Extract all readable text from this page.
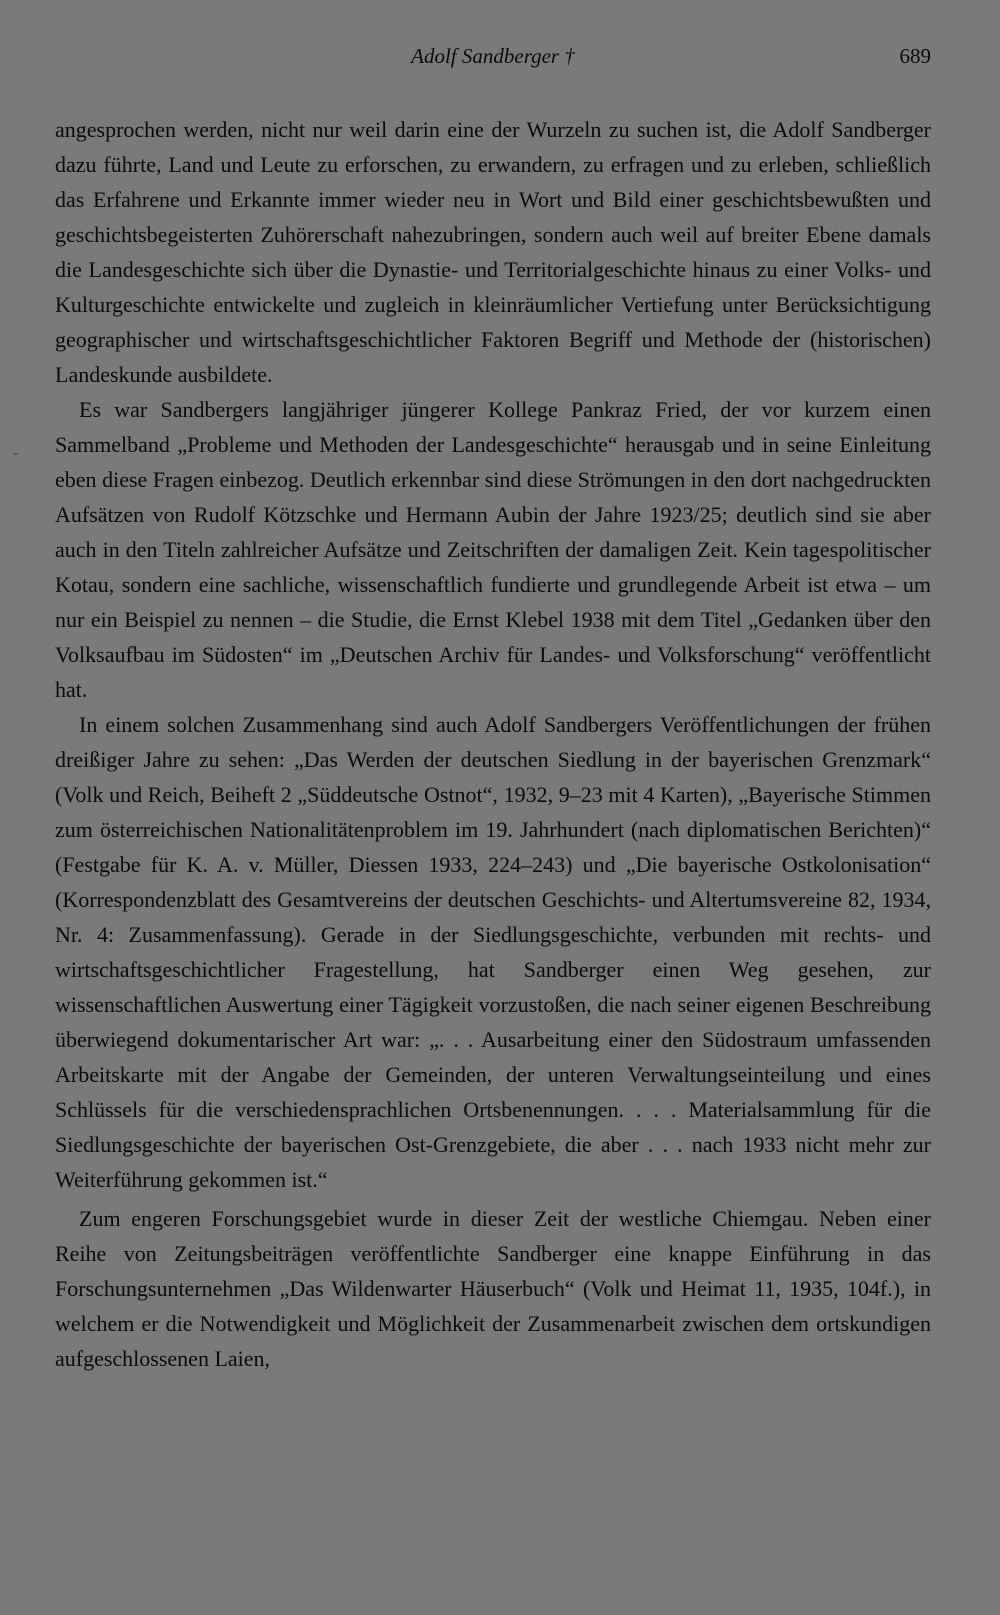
Adolf Sandberger †	689

angesprochen werden, nicht nur weil darin eine der Wurzeln zu suchen ist, die Adolf Sandberger dazu führte, Land und Leute zu erforschen, zu erwandern, zu erfragen und zu erleben, schließlich das Erfahrene und Erkannte immer wieder neu in Wort und Bild einer geschichtsbewußten und geschichtsbegeisterten Zuhörerschaft nahezubringen, sondern auch weil auf breiter Ebene damals die Landesgeschichte sich über die Dynastie- und Territorialgeschichte hinaus zu einer Volks- und Kulturgeschichte entwickelte und zugleich in kleinräumlicher Vertiefung unter Berücksichtigung geographischer und wirtschaftsgeschichtlicher Faktoren Begriff und Methode der (historischen) Landeskunde ausbildete.

Es war Sandbergers langjähriger jüngerer Kollege Pankraz Fried, der vor kurzem einen Sammelband „Probleme und Methoden der Landesgeschichte“ herausgab und in seine Einleitung eben diese Fragen einbezog. Deutlich erkennbar sind diese Strömungen in den dort nachgedruckten Aufsätzen von Rudolf Kötzschke und Hermann Aubin der Jahre 1923/25; deutlich sind sie aber auch in den Titeln zahlreicher Aufsätze und Zeitschriften der damaligen Zeit. Kein tagespolitischer Kotau, sondern eine sachliche, wissenschaftlich fundierte und grundlegende Arbeit ist etwa – um nur ein Beispiel zu nennen – die Studie, die Ernst Klebel 1938 mit dem Titel „Gedanken über den Volksaufbau im Südosten“ im „Deutschen Archiv für Landes- und Volksforschung“ veröffentlicht hat.

In einem solchen Zusammenhang sind auch Adolf Sandbergers Veröffentlichungen der frühen dreißiger Jahre zu sehen: „Das Werden der deutschen Siedlung in der bayerischen Grenzmark“ (Volk und Reich, Beiheft 2 „Süddeutsche Ostnot“, 1932, 9–23 mit 4 Karten), „Bayerische Stimmen zum österreichischen Nationalitätenproblem im 19. Jahrhundert (nach diplomatischen Berichten)“ (Festgabe für K. A. v. Müller, Diessen 1933, 224–243) und „Die bayerische Ostkolonisation“ (Korrespondenzblatt des Gesamtvereins der deutschen Geschichts- und Altertumsvereine 82, 1934, Nr. 4: Zusammenfassung). Gerade in der Siedlungsgeschichte, verbunden mit rechts- und wirtschaftsgeschichtlicher Fragestellung, hat Sandberger einen Weg gesehen, zur wissenschaftlichen Auswertung einer Tägigkeit vorzustoßen, die nach seiner eigenen Beschreibung überwiegend dokumentarischer Art war: „. . . Ausarbeitung einer den Südostraum umfassenden Arbeitskarte mit der Angabe der Gemeinden, der unteren Verwaltungseinteilung und eines Schlüssels für die verschiedensprachlichen Ortsbenennungen. . . . Materialsammlung für die Siedlungsgeschichte der bayerischen Ost-Grenzgebiete, die aber . . . nach 1933 nicht mehr zur Weiterführung gekommen ist.“

Zum engeren Forschungsgebiet wurde in dieser Zeit der westliche Chiemgau. Neben einer Reihe von Zeitungsbeiträgen veröffentlichte Sandberger eine knappe Einführung in das Forschungsunternehmen „Das Wildenwarter Häuserbuch“ (Volk und Heimat 11, 1935, 104f.), in welchem er die Notwendigkeit und Möglichkeit der Zusammenarbeit zwischen dem ortskundigen aufgeschlossenen Laien,
